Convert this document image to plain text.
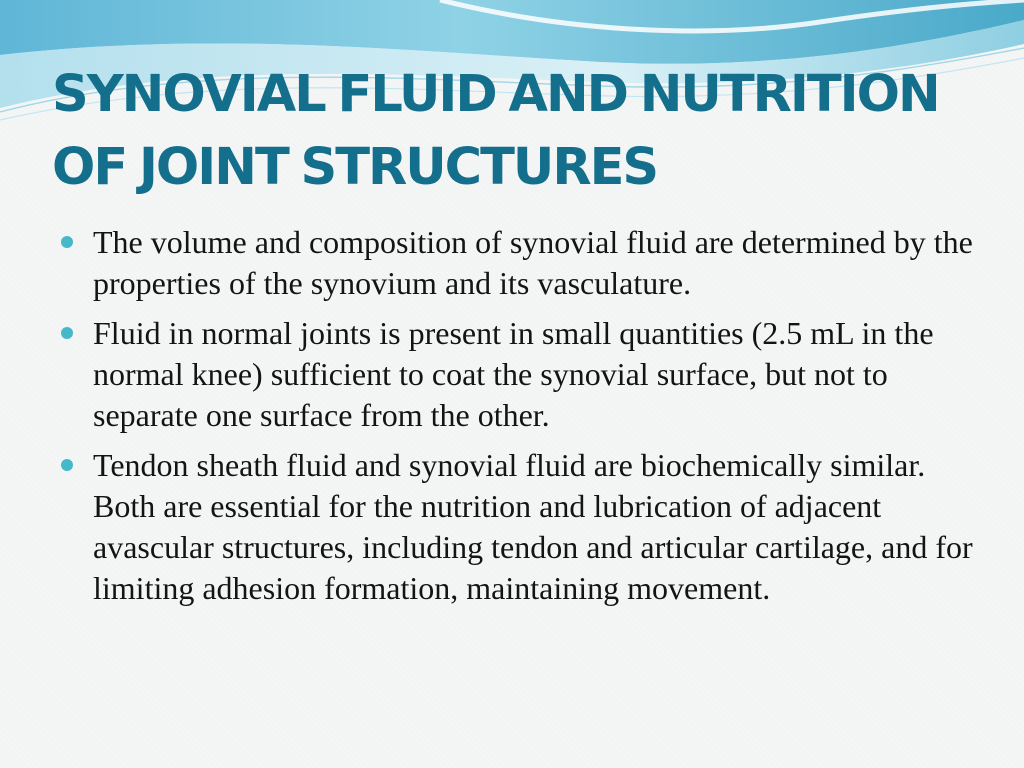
SYNOVIAL FLUID AND NUTRITION
OF JOINT STRUCTURES
The volume and composition of synovial fluid are determined by the properties of the synovium and its vasculature.
Fluid in normal joints is present in small quantities (2.5 mL in the normal knee) sufficient to coat the synovial surface, but not to separate one surface from the other.
Tendon sheath fluid and synovial fluid are biochemically similar. Both are essential for the nutrition and lubrication of adjacent avascular structures, including tendon and articular cartilage, and for limiting adhesion formation, maintaining movement.
